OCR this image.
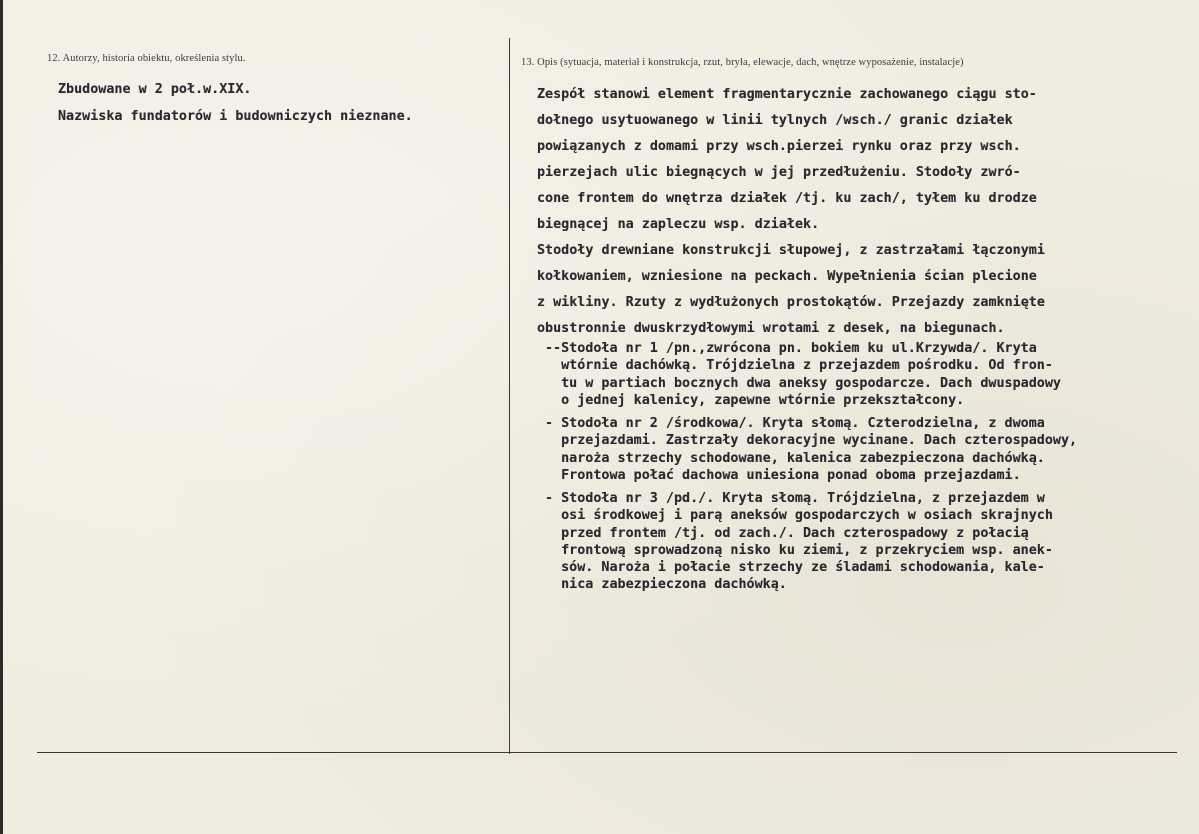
12. Autorzy, historia obiektu, określenia stylu.
Zbudowane w 2 poł.w.XIX.
Nazwiska fundatorów i budowniczych nieznane.
13. Opis (sytuacja, materiał i konstrukcja, rzut, bryła, elewacje, dach, wnętrze wyposażenie, instalacje)
Zespół stanowi element fragmentarycznie zachowanego ciągu sto-
dołnego usytuowanego w linii tylnych /wsch./ granic działek
powiązanych z domami przy wsch.pierzei rynku oraz przy wsch.
pierzejach ulic biegnących w jej przedłużeniu. Stodoły zwró-
cone frontem do wnętrza działek /tj. ku zach/, tyłem ku drodze
biegnącej na zapleczu wsp. działek.
Stodoły drewniane konstrukcji słupowej, z zastrzałami łączonymi
kołkowaniem, wzniesione na peckach. Wypełnienia ścian plecione
z wikliny. Rzuty z wydłużonych prostokątów. Przejazdy zamknięte
obustronnie dwuskrzydłowymi wrotami z desek, na biegunach.
--Stodoła nr 1 /pn.,zwrócona pn. bokiem ku ul.Krzywda/. Kryta
wtórnie dachówką. Trójdzielna z przejazdem pośrodku. Od fron-
tu w partiach bocznych dwa aneksy gospodarcze. Dach dwuspadowy
o jednej kalenicy, zapewne wtórnie przekształcony.
- Stodoła nr 2 /środkowa/. Kryta słomą. Czterodzielna, z dwoma
przejazdami. Zastrzały dekoracyjne wycinane. Dach czterospadowy,
naroża strzechy schodowane, kalenica zabezpieczona dachówką.
Frontowa połać dachowa uniesiona ponad oboma przejazdami.
- Stodoła nr 3 /pd./. Kryta słomą. Trójdzielna, z przejazdem w
osi środkowej i parą aneksów gospodarczych w osiach skrajnych
przed frontem /tj. od zach./. Dach czterospadowy z połacią
frontową sprowadzoną nisko ku ziemi, z przekryciem wsp. anek-
sów. Naroża i połacie strzechy ze śladami schodowania, kale-
nica zabezpieczona dachówką.
